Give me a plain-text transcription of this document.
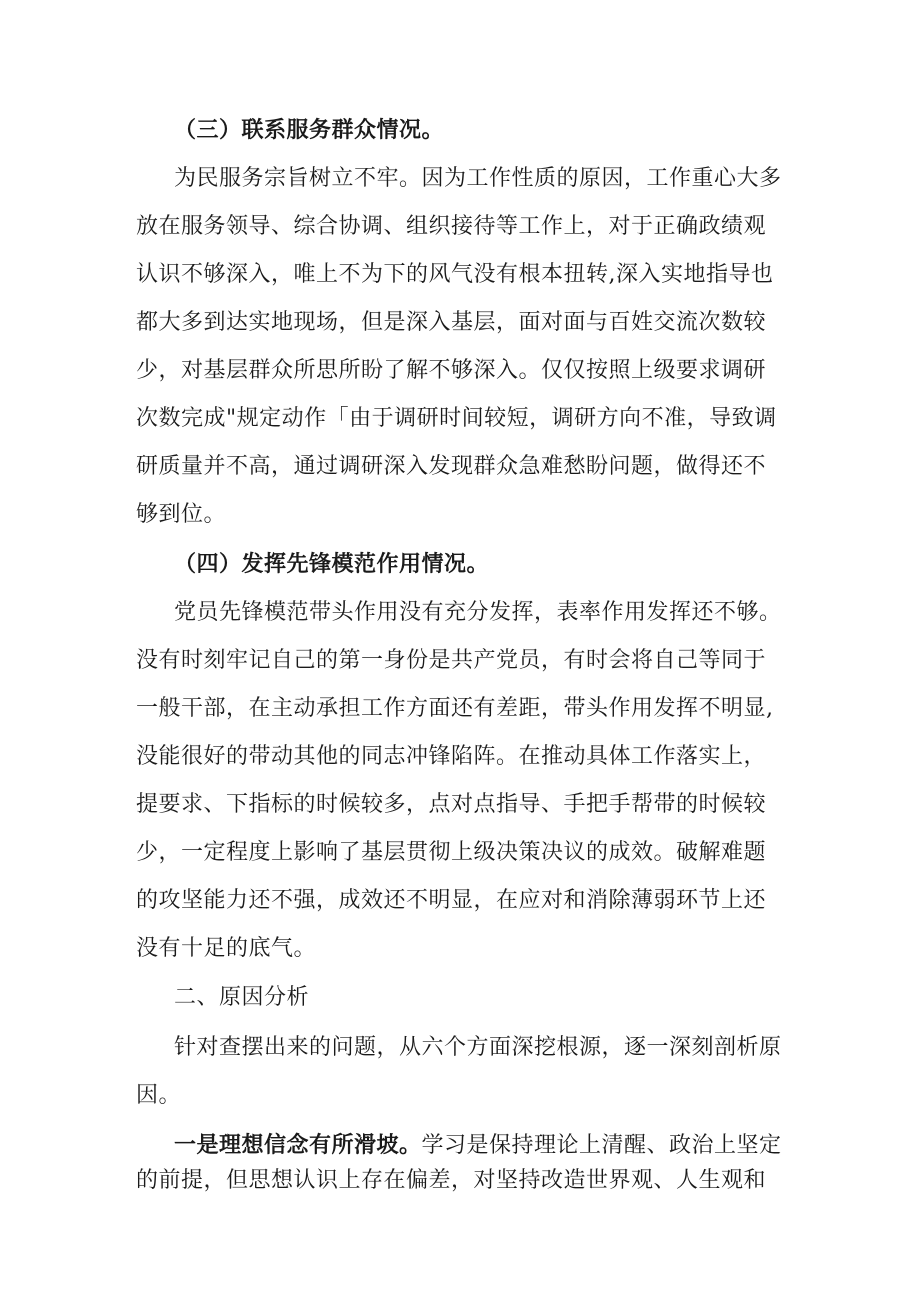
（三）联系服务群众情况。
为民服务宗旨树立不牢。因为工作性质的原因，工作重心大多
放在服务领导、综合协调、组织接待等工作上，对于正确政绩观
认识不够深入，唯上不为下的风气没有根本扭转,深入实地指导也
都大多到达实地现场，但是深入基层，面对面与百姓交流次数较
少，对基层群众所思所盼了解不够深入。仅仅按照上级要求调研
次数完成"规定动作「由于调研时间较短，调研方向不准，导致调
研质量并不高，通过调研深入发现群众急难愁盼问题，做得还不
够到位。
（四）发挥先锋模范作用情况。
党员先锋模范带头作用没有充分发挥，表率作用发挥还不够。
没有时刻牢记自己的第一身份是共产党员，有时会将自己等同于
一般干部，在主动承担工作方面还有差距，带头作用发挥不明显,
没能很好的带动其他的同志冲锋陷阵。在推动具体工作落实上，
提要求、下指标的时候较多，点对点指导、手把手帮带的时候较
少，一定程度上影响了基层贯彻上级决策决议的成效。破解难题
的攻坚能力还不强，成效还不明显，在应对和消除薄弱环节上还
没有十足的底气。
二、原因分析
针对查摆出来的问题，从六个方面深挖根源，逐一深刻剖析原
因。
一是理想信念有所滑坡。学习是保持理论上清醒、政治上坚定
的前提，但思想认识上存在偏差，对坚持改造世界观、人生观和
